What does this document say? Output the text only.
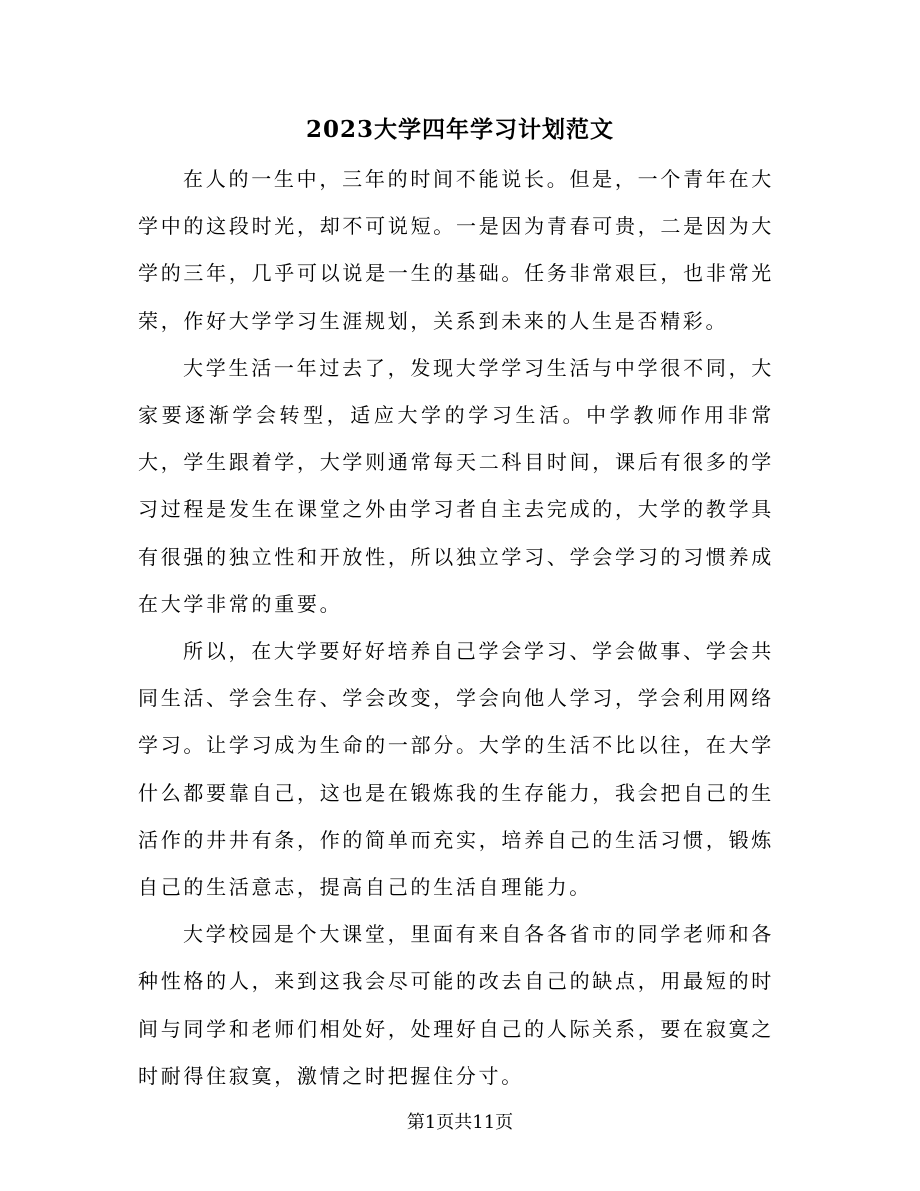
2023大学四年学习计划范文

在人的一生中，三年的时间不能说长。但是，一个青年在大学中的这段时光，却不可说短。一是因为青春可贵，二是因为大学的三年，几乎可以说是一生的基础。任务非常艰巨，也非常光荣，作好大学学习生涯规划，关系到未来的人生是否精彩。

大学生活一年过去了，发现大学学习生活与中学很不同，大家要逐渐学会转型，适应大学的学习生活。中学教师作用非常大，学生跟着学，大学则通常每天二科目时间，课后有很多的学习过程是发生在课堂之外由学习者自主去完成的，大学的教学具有很强的独立性和开放性，所以独立学习、学会学习的习惯养成在大学非常的重要。

所以，在大学要好好培养自己学会学习、学会做事、学会共同生活、学会生存、学会改变，学会向他人学习，学会利用网络学习。让学习成为生命的一部分。大学的生活不比以往，在大学什么都要靠自己，这也是在锻炼我的生存能力，我会把自己的生活作的井井有条，作的简单而充实，培养自己的生活习惯，锻炼自己的生活意志，提高自己的生活自理能力。

大学校园是个大课堂，里面有来自各各省市的同学老师和各种性格的人，来到这我会尽可能的改去自己的缺点，用最短的时间与同学和老师们相处好，处理好自己的人际关系，要在寂寞之时耐得住寂寞，激情之时把握住分寸。

第1页共11页
